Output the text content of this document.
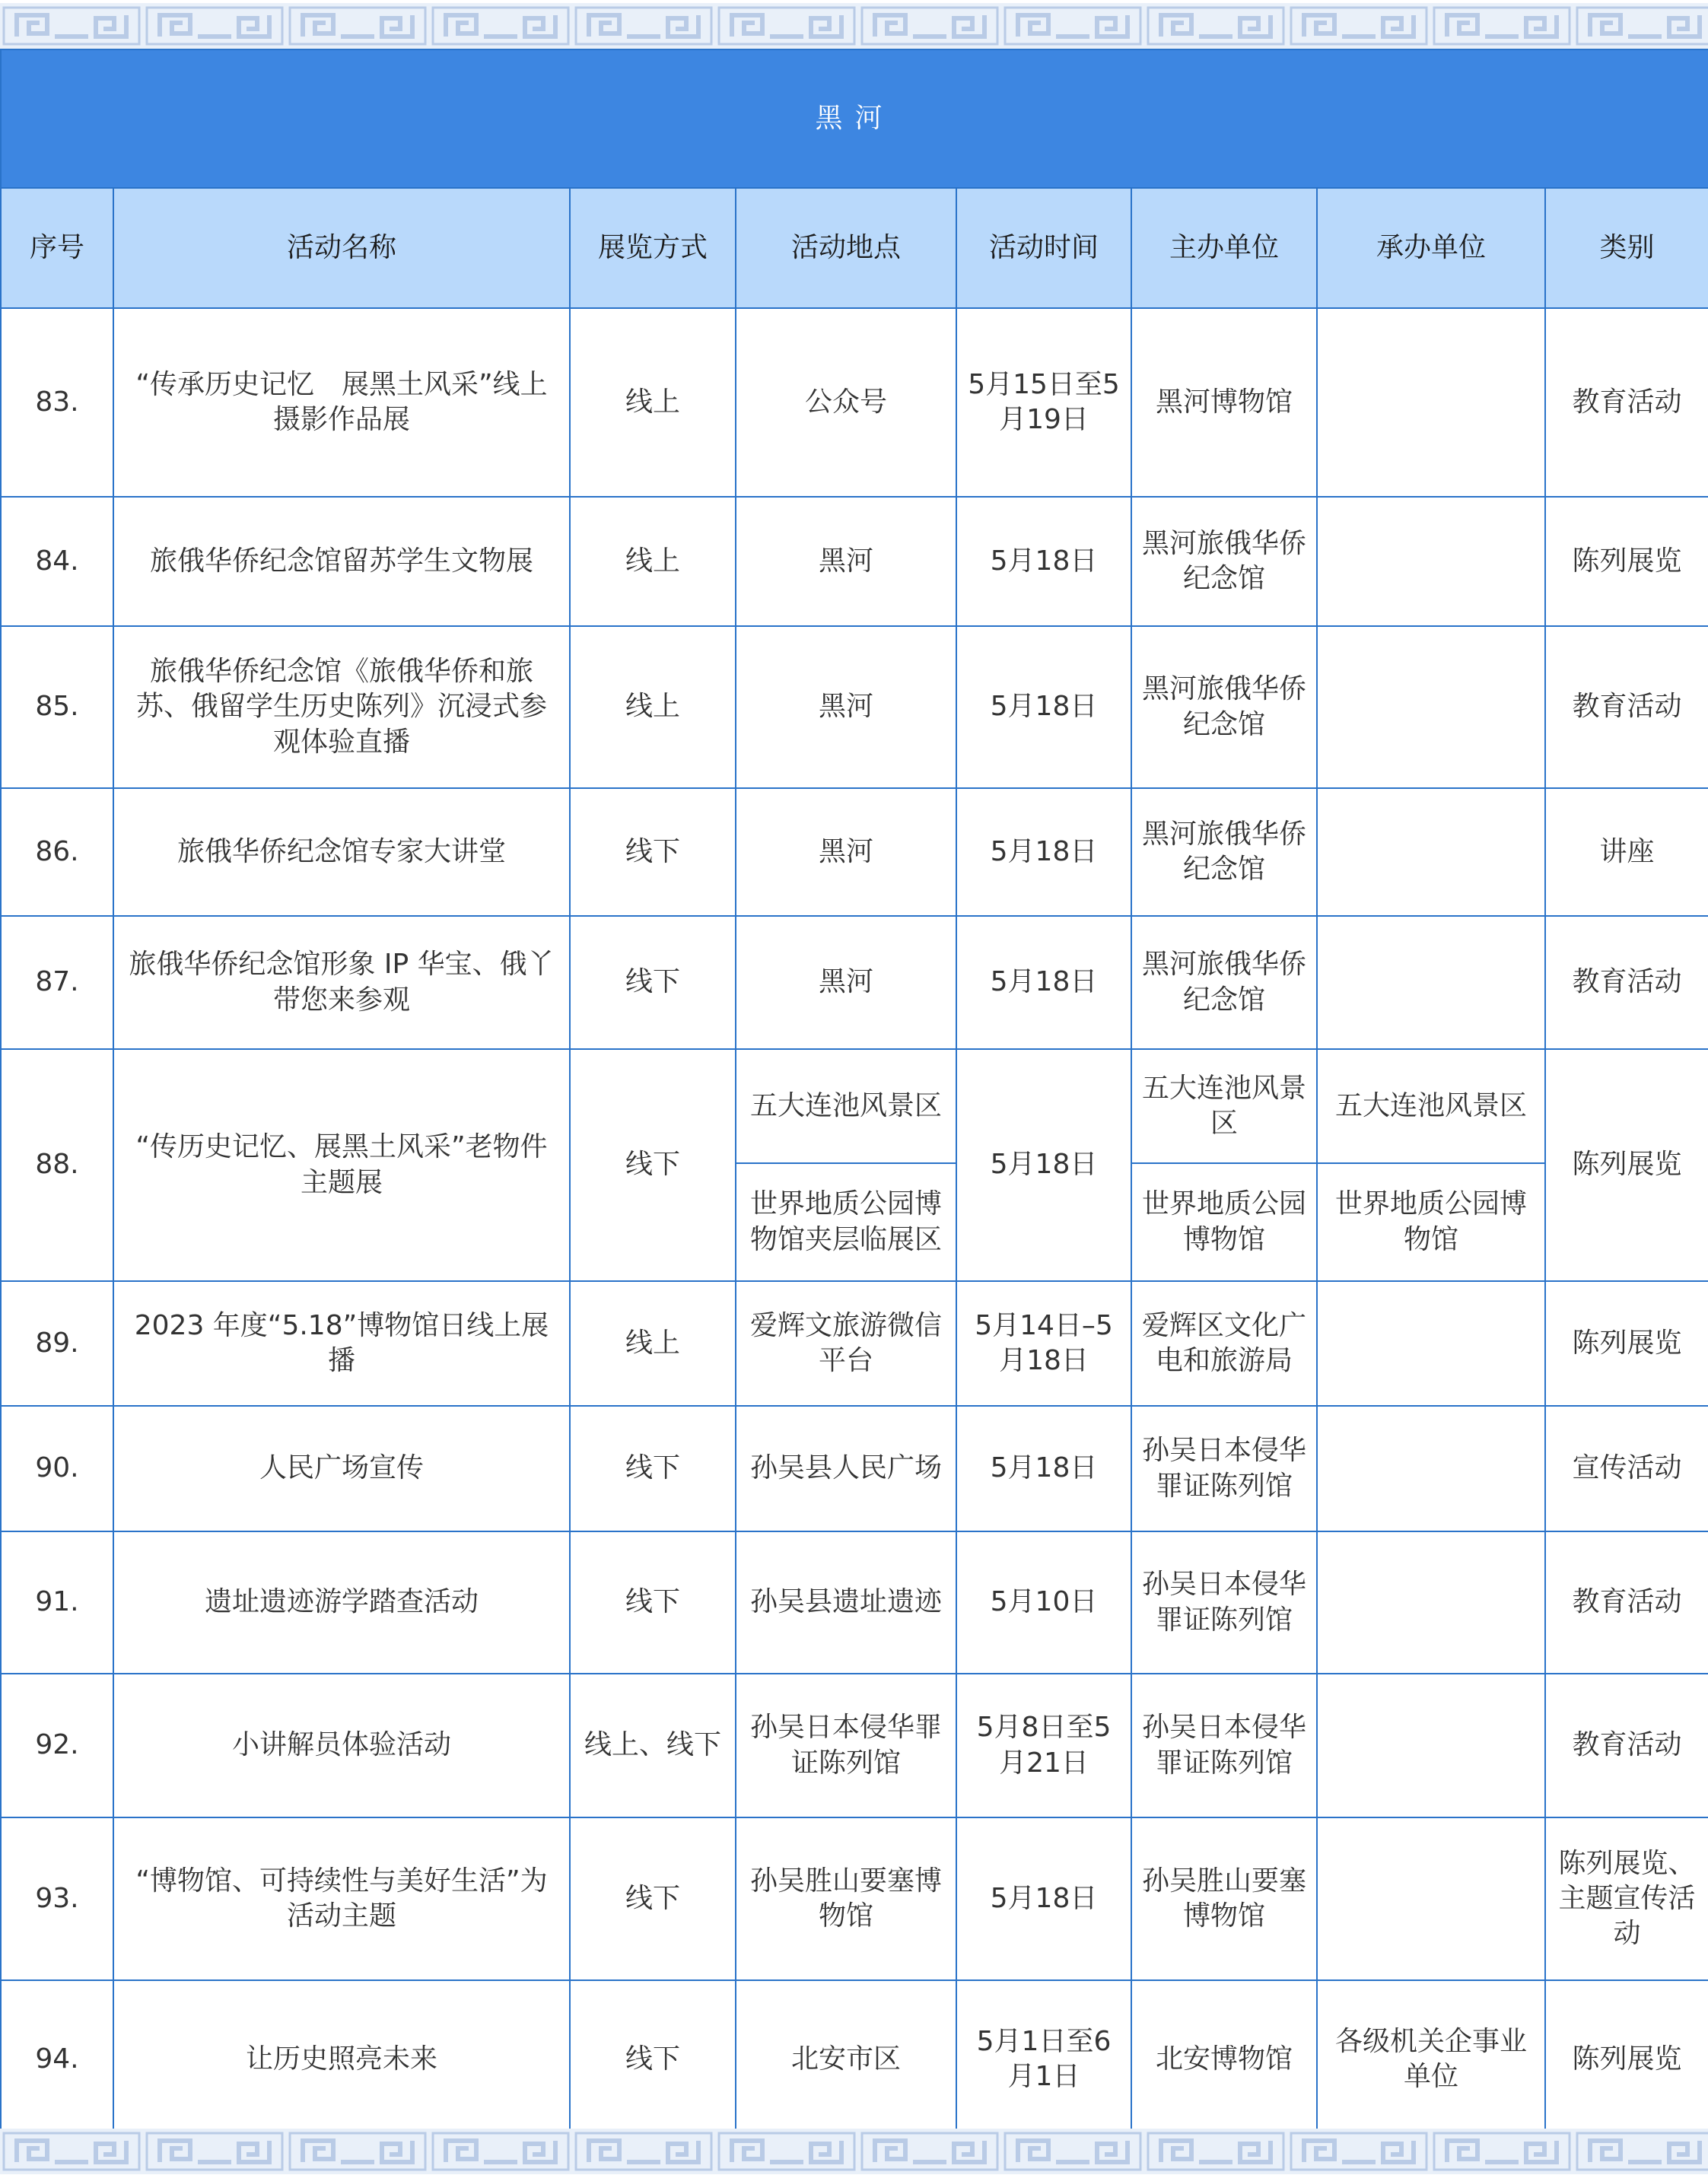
黑河							
序号	活动名称	展览方式	活动地点	活动时间	主办单位	承办单位	类别
83.	“传承历史记忆　展黑土风采”线上摄影作品展	线上	公众号	5月15日至5月19日	黑河博物馆		教育活动
84.	旅俄华侨纪念馆留苏学生文物展	线上	黑河	5月18日	黑河旅俄华侨纪念馆		陈列展览
85.	旅俄华侨纪念馆《旅俄华侨和旅苏、俄留学生历史陈列》沉浸式参观体验直播	线上	黑河	5月18日	黑河旅俄华侨纪念馆		教育活动
86.	旅俄华侨纪念馆专家大讲堂	线下	黑河	5月18日	黑河旅俄华侨纪念馆		讲座
87.	旅俄华侨纪念馆形象 IP 华宝、俄丫带您来参观	线下	黑河	5月18日	黑河旅俄华侨纪念馆		教育活动
88.	“传历史记忆、展黑土风采”老物件主题展	线下	五大连池风景区	5月18日	五大连池风景区	五大连池风景区	陈列展览
			世界地质公园博物馆夹层临展区		世界地质公园博物馆	世界地质公园博物馆	
89.	2023 年度“5.18”博物馆日线上展播	线上	爱辉文旅游微信平台	5月14日–5月18日	爱辉区文化广电和旅游局		陈列展览
90.	人民广场宣传	线下	孙吴县人民广场	5月18日	孙吴日本侵华罪证陈列馆		宣传活动
91.	遗址遗迹游学踏查活动	线下	孙吴县遗址遗迹	5月10日	孙吴日本侵华罪证陈列馆		教育活动
92.	小讲解员体验活动	线上、线下	孙吴日本侵华罪证陈列馆	5月8日至5月21日	孙吴日本侵华罪证陈列馆		教育活动
93.	“博物馆、可持续性与美好生活”为活动主题	线下	孙吴胜山要塞博物馆	5月18日	孙吴胜山要塞博物馆		陈列展览、主题宣传活动
94.	让历史照亮未来	线下	北安市区	5月1日至6月1日	北安博物馆	各级机关企事业单位	陈列展览
